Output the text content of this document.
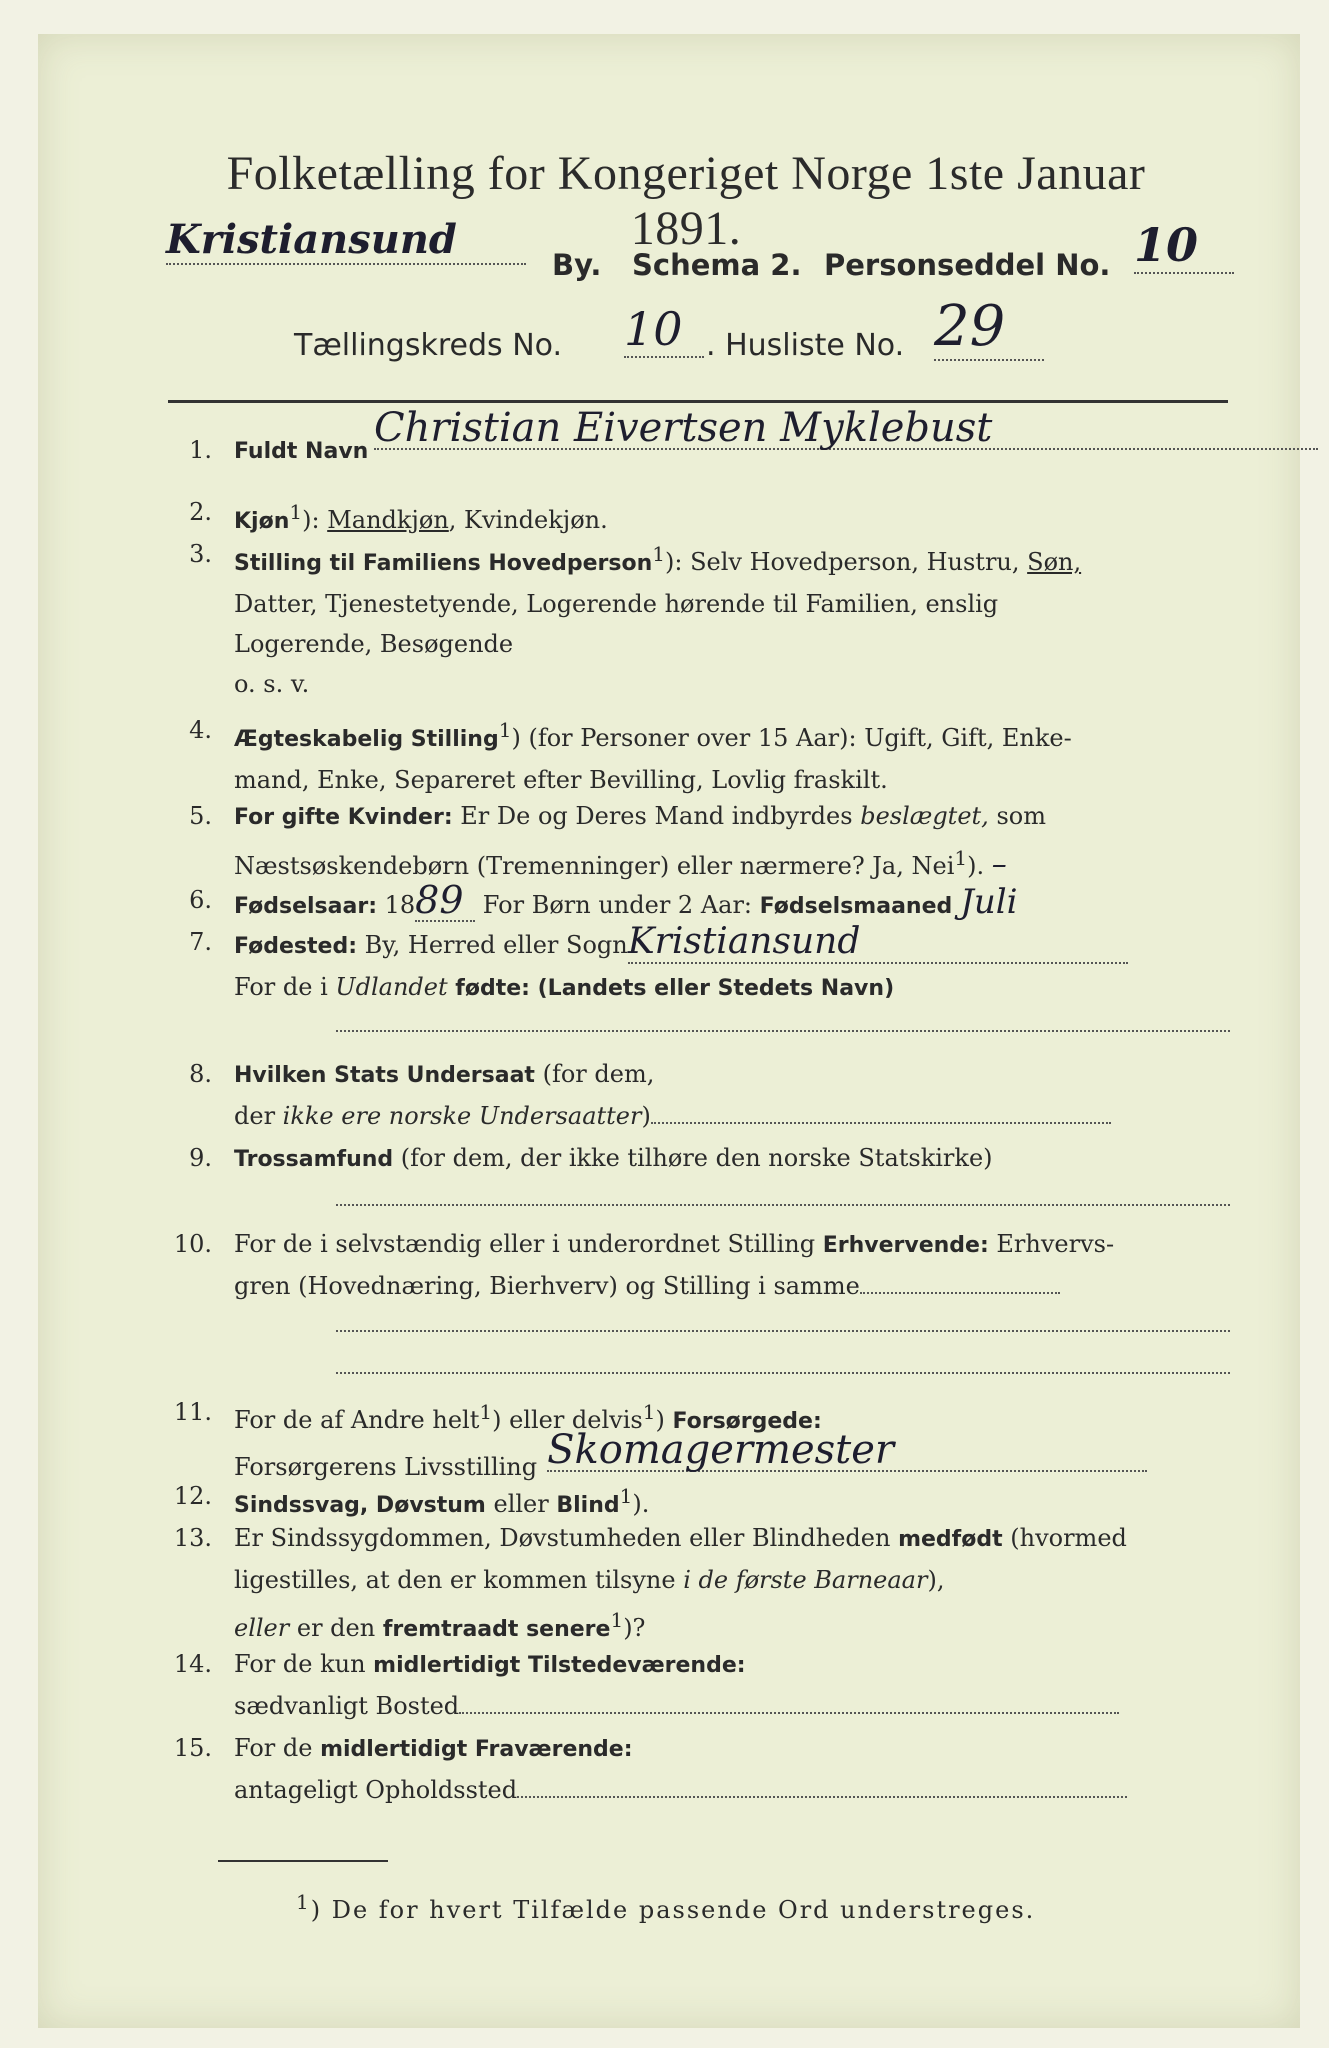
Folketælling for Kongeriget Norge 1ste Januar 1891.
Kristiansund
By. Schema 2. Personseddel No. 10
Tællingskreds No. 10 . Husliste No. 29
1. Fuldt Navn
Christian Eivertsen Myklebust
2. Kjøn$^1$): Mandkjøn, Kvindekjøn.
3. Stilling til Familiens Hovedperson$^1$): Selv Hovedperson, Hustru, Søn,
Datter, Tjenestetyende, Logerende hørende til Familien, enslig
Logerende, Besøgende
o. s. v.
4. Ægteskabelig Stilling$^1$) (for Personer over 15 Aar): Ugift, Gift, Enke-
mand, Enke, Separeret efter Bevilling, Lovlig fraskilt.
5. For gifte Kvinder: Er De og Deres Mand indbyrdes beslægtet, som
Næstsøskendebørn (Tremenninger) eller nærmere? Ja, Nei$^1$). –
6. Fødselsaar: 1889 For Børn under 2 Aar: Fødselsmaaned Juli
7. Fødested: By, Herred eller SognKristiansund
For de i Udlandet fødte: (Landets eller Stedets Navn)
8. Hvilken Stats Undersaat (for dem,
der ikke ere norske Undersaatter)
9. Trossamfund (for dem, der ikke tilhøre den norske Statskirke)
10. For de i selvstændig eller i underordnet Stilling Erhvervende: Erhvervs-
gren (Hovednæring, Bierhverv) og Stilling i samme
11. For de af Andre helt$^1$) eller delvis$^1$) Forsørgede:
Forsørgerens Livsstilling Skomagermester
12. Sindssvag, Døvstum eller Blind$^1$).
13. Er Sindssygdommen, Døvstumheden eller Blindheden medfødt (hvormed
ligestilles, at den er kommen tilsyne i de første Barneaar),
eller er den fremtraadt senere$^1$)?
14. For de kun midlertidigt Tilstedeværende:
sædvanligt Bosted
15. For de midlertidigt Fraværende:
antageligt Opholdssted
$^1$) De for hvert Tilfælde passende Ord understreges.
